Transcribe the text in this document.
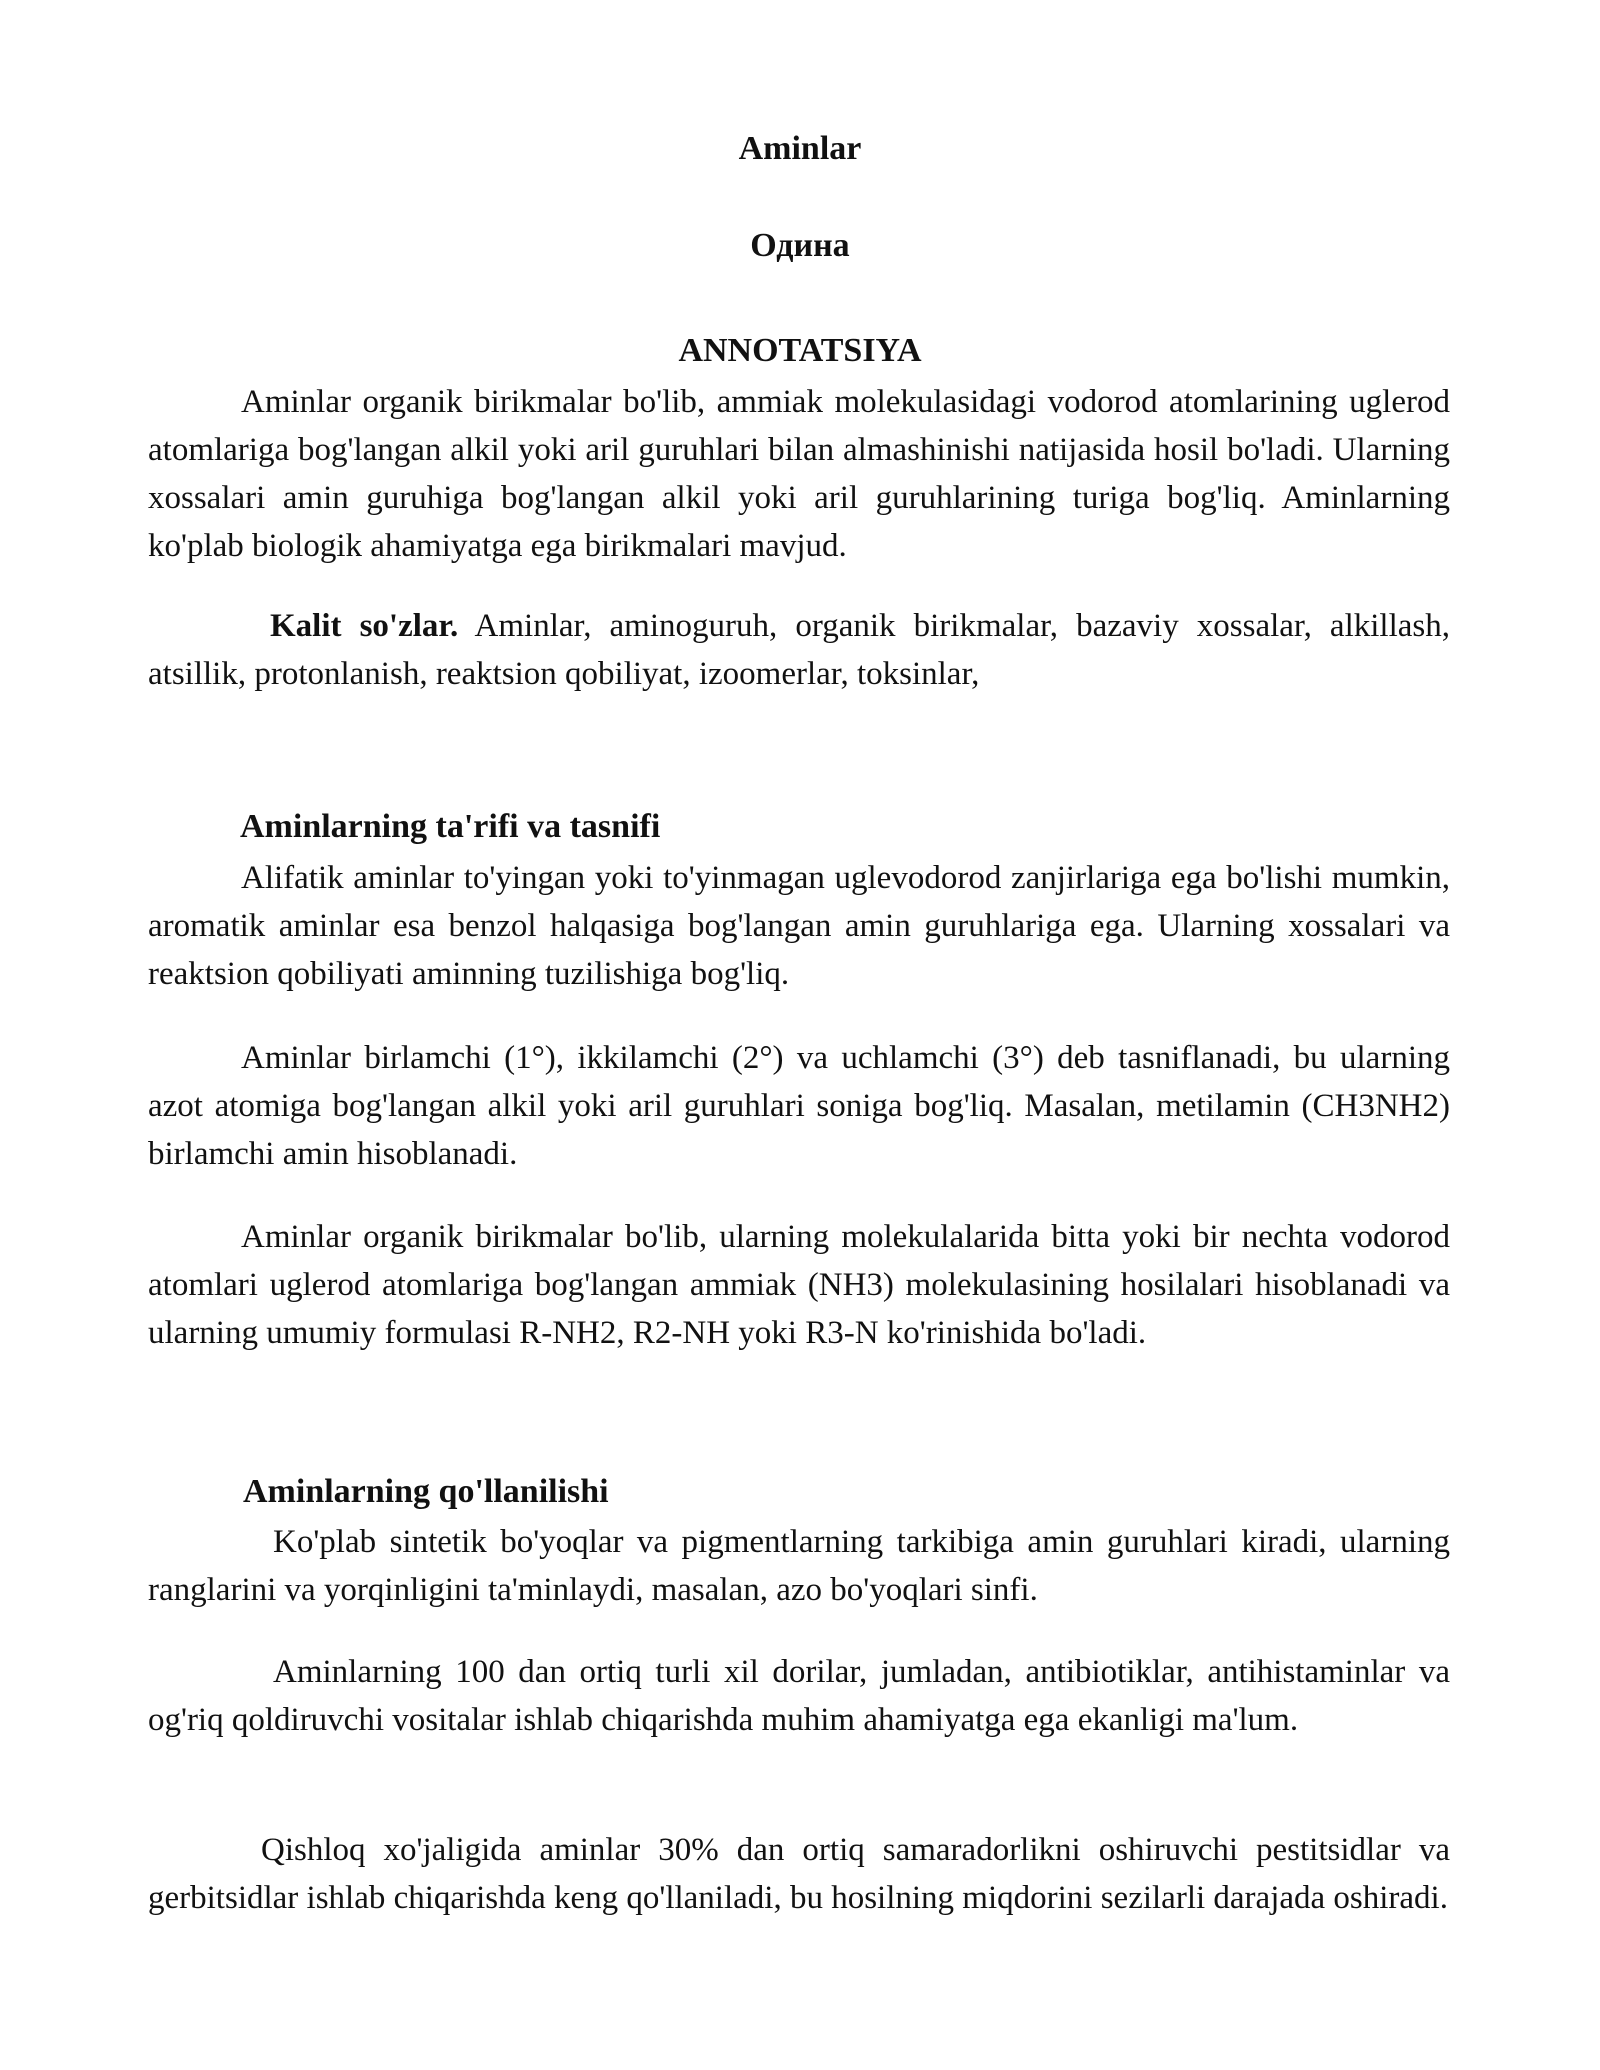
Aminlar
Одина
ANNOTATSIYA

Aminlar organik birikmalar bo'lib, ammiak molekulasidagi vodorod atomlarining uglerod atomlariga bog'langan alkil yoki aril guruhlari bilan almashinishi natijasida hosil bo'ladi. Ularning xossalari amin guruhiga bog'langan alkil yoki aril guruhlarining turiga bog'liq. Aminlarning ko'plab biologik ahamiyatga ega birikmalari mavjud.

Kalit so'zlar. Aminlar, aminoguruh, organik birikmalar, bazaviy xossalar, alkillash, atsillik, protonlanish, reaktsion qobiliyat, izoomerlar, toksinlar,

Aminlarning ta'rifi va tasnifi

Alifatik aminlar to'yingan yoki to'yinmagan uglevodorod zanjirlariga ega bo'lishi mumkin, aromatik aminlar esa benzol halqasiga bog'langan amin guruhlariga ega. Ularning xossalari va reaktsion qobiliyati aminning tuzilishiga bog'liq.

Aminlar birlamchi (1°), ikkilamchi (2°) va uchlamchi (3°) deb tasniflanadi, bu ularning azot atomiga bog'langan alkil yoki aril guruhlari soniga bog'liq. Masalan, metilamin (CH3NH2) birlamchi amin hisoblanadi.

Aminlar organik birikmalar bo'lib, ularning molekulalarida bitta yoki bir nechta vodorod atomlari uglerod atomlariga bog'langan ammiak (NH3) molekulasining hosilalari hisoblanadi va ularning umumiy formulasi R-NH2, R2-NH yoki R3-N ko'rinishida bo'ladi.

Aminlarning qo'llanilishi

Ko'plab sintetik bo'yoqlar va pigmentlarning tarkibiga amin guruhlari kiradi, ularning ranglarini va yorqinligini ta'minlaydi, masalan, azo bo'yoqlari sinfi.

Aminlarning 100 dan ortiq turli xil dorilar, jumladan, antibiotiklar, antihistaminlar va og'riq qoldiruvchi vositalar ishlab chiqarishda muhim ahamiyatga ega ekanligi ma'lum.

Qishloq xo'jaligida aminlar 30% dan ortiq samaradorlikni oshiruvchi pestitsidlar va gerbitsidlar ishlab chiqarishda keng qo'llaniladi, bu hosilning miqdorini sezilarli darajada oshiradi.
